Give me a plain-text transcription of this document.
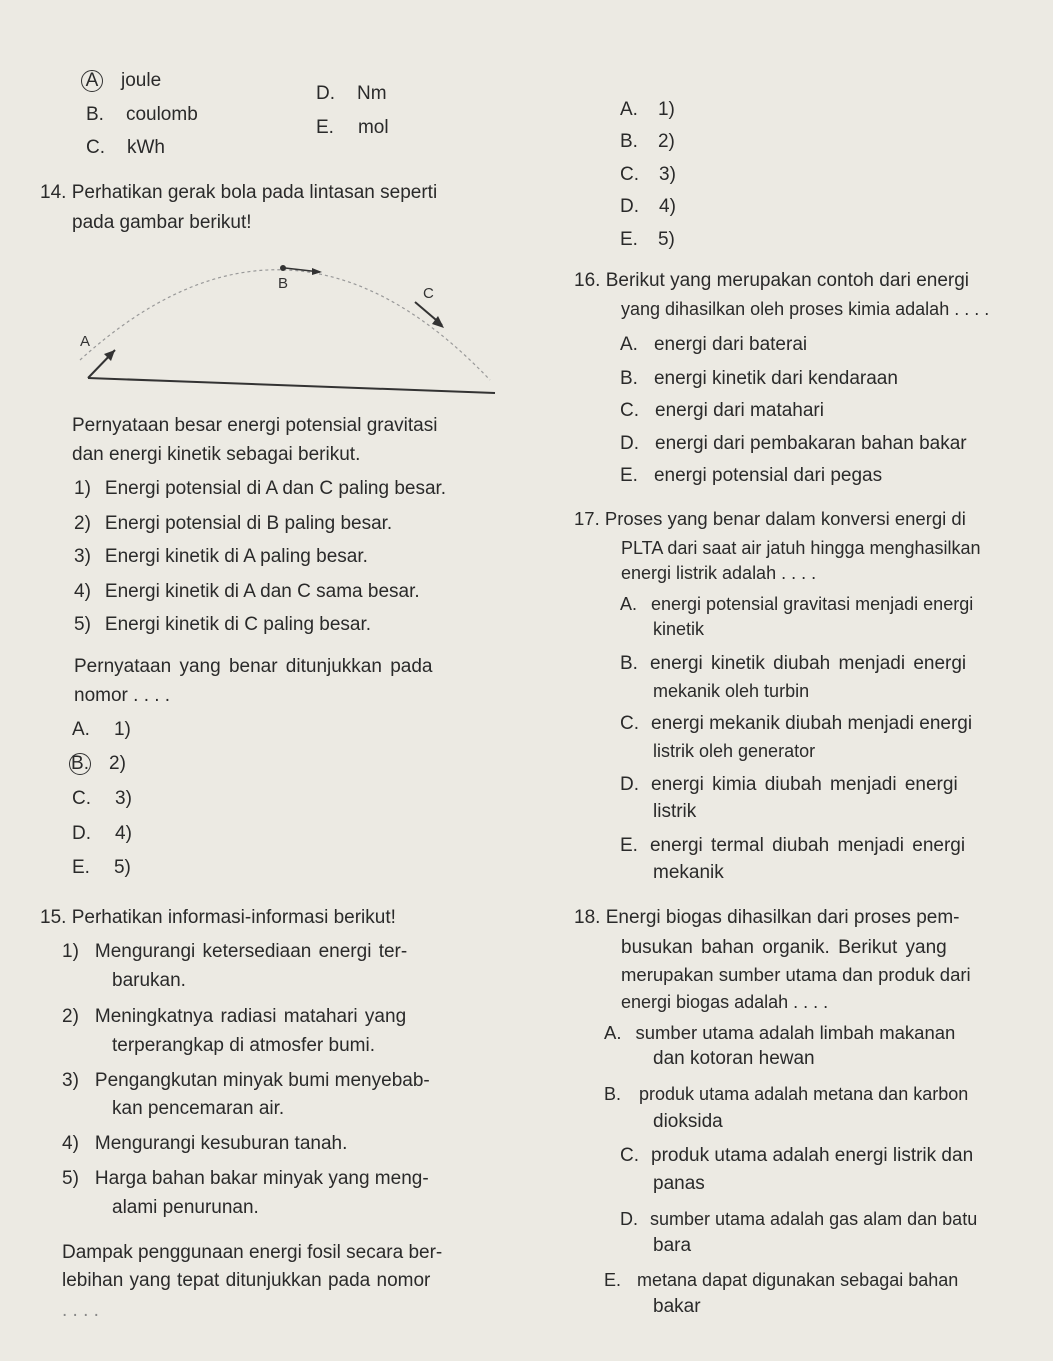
A joule
B. coulomb
C. kWh
D. Nm
E. mol
14. Perhatikan gerak bola pada lintasan seperti
pada gambar berikut!
A
B
C
Pernyataan besar energi potensial gravitasi
dan energi kinetik sebagai berikut.
1) Energi potensial di A dan C paling besar.
2) Energi potensial di B paling besar.
3) Energi kinetik di A paling besar.
4) Energi kinetik di A dan C sama besar.
5) Energi kinetik di C paling besar.
Pernyataan yang benar ditunjukkan pada
nomor . . . .
A. 1)
B. 2)
C. 3)
D. 4)
E. 5)
15. Perhatikan informasi-informasi berikut!
1) Mengurangi ketersediaan energi ter-
barukan.
2) Meningkatnya radiasi matahari yang
terperangkap di atmosfer bumi.
3) Pengangkutan minyak bumi menyebab-
kan pencemaran air.
4) Mengurangi kesuburan tanah.
5) Harga bahan bakar minyak yang meng-
alami penurunan.
Dampak penggunaan energi fosil secara ber-
lebihan yang tepat ditunjukkan pada nomor
. . . .
A. 1)
B. 2)
C. 3)
D. 4)
E. 5)
16. Berikut yang merupakan contoh dari energi
yang dihasilkan oleh proses kimia adalah . . . .
A. energi dari baterai
B. energi kinetik dari kendaraan
C. energi dari matahari
D. energi dari pembakaran bahan bakar
E. energi potensial dari pegas
17. Proses yang benar dalam konversi energi di
PLTA dari saat air jatuh hingga menghasilkan
energi listrik adalah . . . .
A. energi potensial gravitasi menjadi energi
kinetik
B. energi kinetik diubah menjadi energi
mekanik oleh turbin
C. energi mekanik diubah menjadi energi
listrik oleh generator
D. energi kimia diubah menjadi energi
listrik
E. energi termal diubah menjadi energi
mekanik
18. Energi biogas dihasilkan dari proses pem-
busukan bahan organik. Berikut yang
merupakan sumber utama dan produk dari
energi biogas adalah . . . .
A. sumber utama adalah limbah makanan
dan kotoran hewan
B. produk utama adalah metana dan karbon
dioksida
C. produk utama adalah energi listrik dan
panas
D. sumber utama adalah gas alam dan batu
bara
E. metana dapat digunakan sebagai bahan
bakar
